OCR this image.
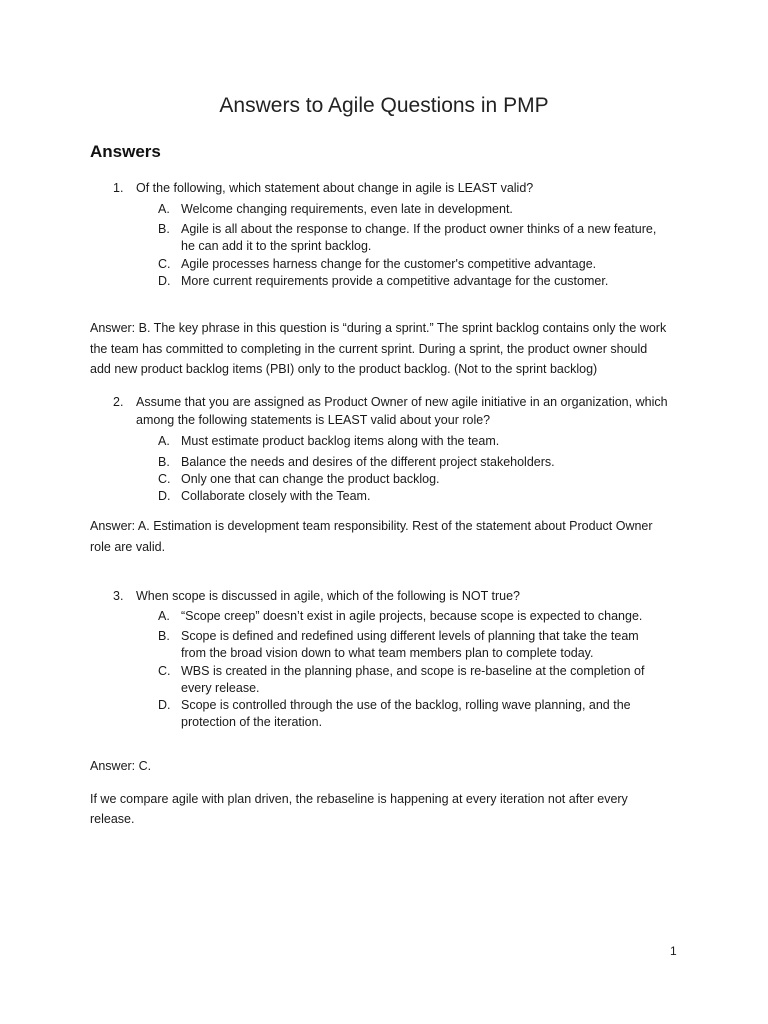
Answers to Agile Questions in PMP
Answers
1. Of the following, which statement about change in agile is LEAST valid?
A. Welcome changing requirements, even late in development.
B. Agile is all about the response to change. If the product owner thinks of a new feature,
he can add it to the sprint backlog.
C. Agile processes harness change for the customer's competitive advantage.
D. More current requirements provide a competitive advantage for the customer.
Answer: B. The key phrase in this question is “during a sprint.” The sprint backlog contains only the work
the team has committed to completing in the current sprint. During a sprint, the product owner should
add new product backlog items (PBI) only to the product backlog. (Not to the sprint backlog)
2. Assume that you are assigned as Product Owner of new agile initiative in an organization, which
among the following statements is LEAST valid about your role?
A. Must estimate product backlog items along with the team.
B. Balance the needs and desires of the different project stakeholders.
C. Only one that can change the product backlog.
D. Collaborate closely with the Team.
Answer: A. Estimation is development team responsibility. Rest of the statement about Product Owner
role are valid.
3. When scope is discussed in agile, which of the following is NOT true?
A. “Scope creep” doesn’t exist in agile projects, because scope is expected to change.
B. Scope is defined and redefined using different levels of planning that take the team
from the broad vision down to what team members plan to complete today.
C. WBS is created in the planning phase, and scope is re-baseline at the completion of
every release.
D. Scope is controlled through the use of the backlog, rolling wave planning, and the
protection of the iteration.
Answer: C.
If we compare agile with plan driven, the rebaseline is happening at every iteration not after every
release.
1
